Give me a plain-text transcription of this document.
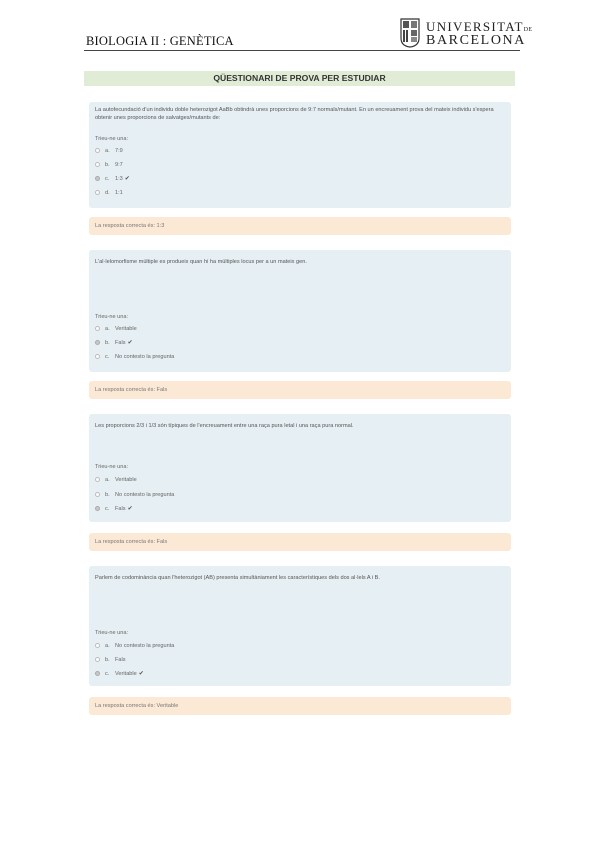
BIOLOGIA II : GENÈTICA
UNIVERSITATDE
BARCELONA
QÜESTIONARI DE PROVA PER ESTUDIAR
La autofecundació d'un individu doble heterozigot AaBb obtindrà unes proporcions de 9:7 normals/mutant. En un encreuament prova del mateix individu s'espera obtenir unes proporcions de salvatges/mutants de:
Trieu-ne una:
a. 7:9
b. 9:7
c. 1:3 ✔
d. 1:1
La resposta correcta és: 1:3
L'al·lelomorfisme múltiple es produeix quan hi ha múltiples locus per a un mateix gen.
Trieu-ne una:
a. Veritable
b. Fals ✔
c. No contesto la pregunta
La resposta correcta és: Fals
Les proporcions 2/3 i 1/3 són típiques de l'encreuament entre una raça pura letal i una raça pura normal.
Trieu-ne una:
a. Veritable
b. No contesto la pregunta
c. Fals ✔
La resposta correcta és: Fals
Parlem de codominància quan l'heterozigot (AB) presenta simultàniament les característiques dels dos al·lels A i B.
Trieu-ne una:
a. No contesto la pregunta
b. Fals
c. Veritable ✔
La resposta correcta és: Veritable
